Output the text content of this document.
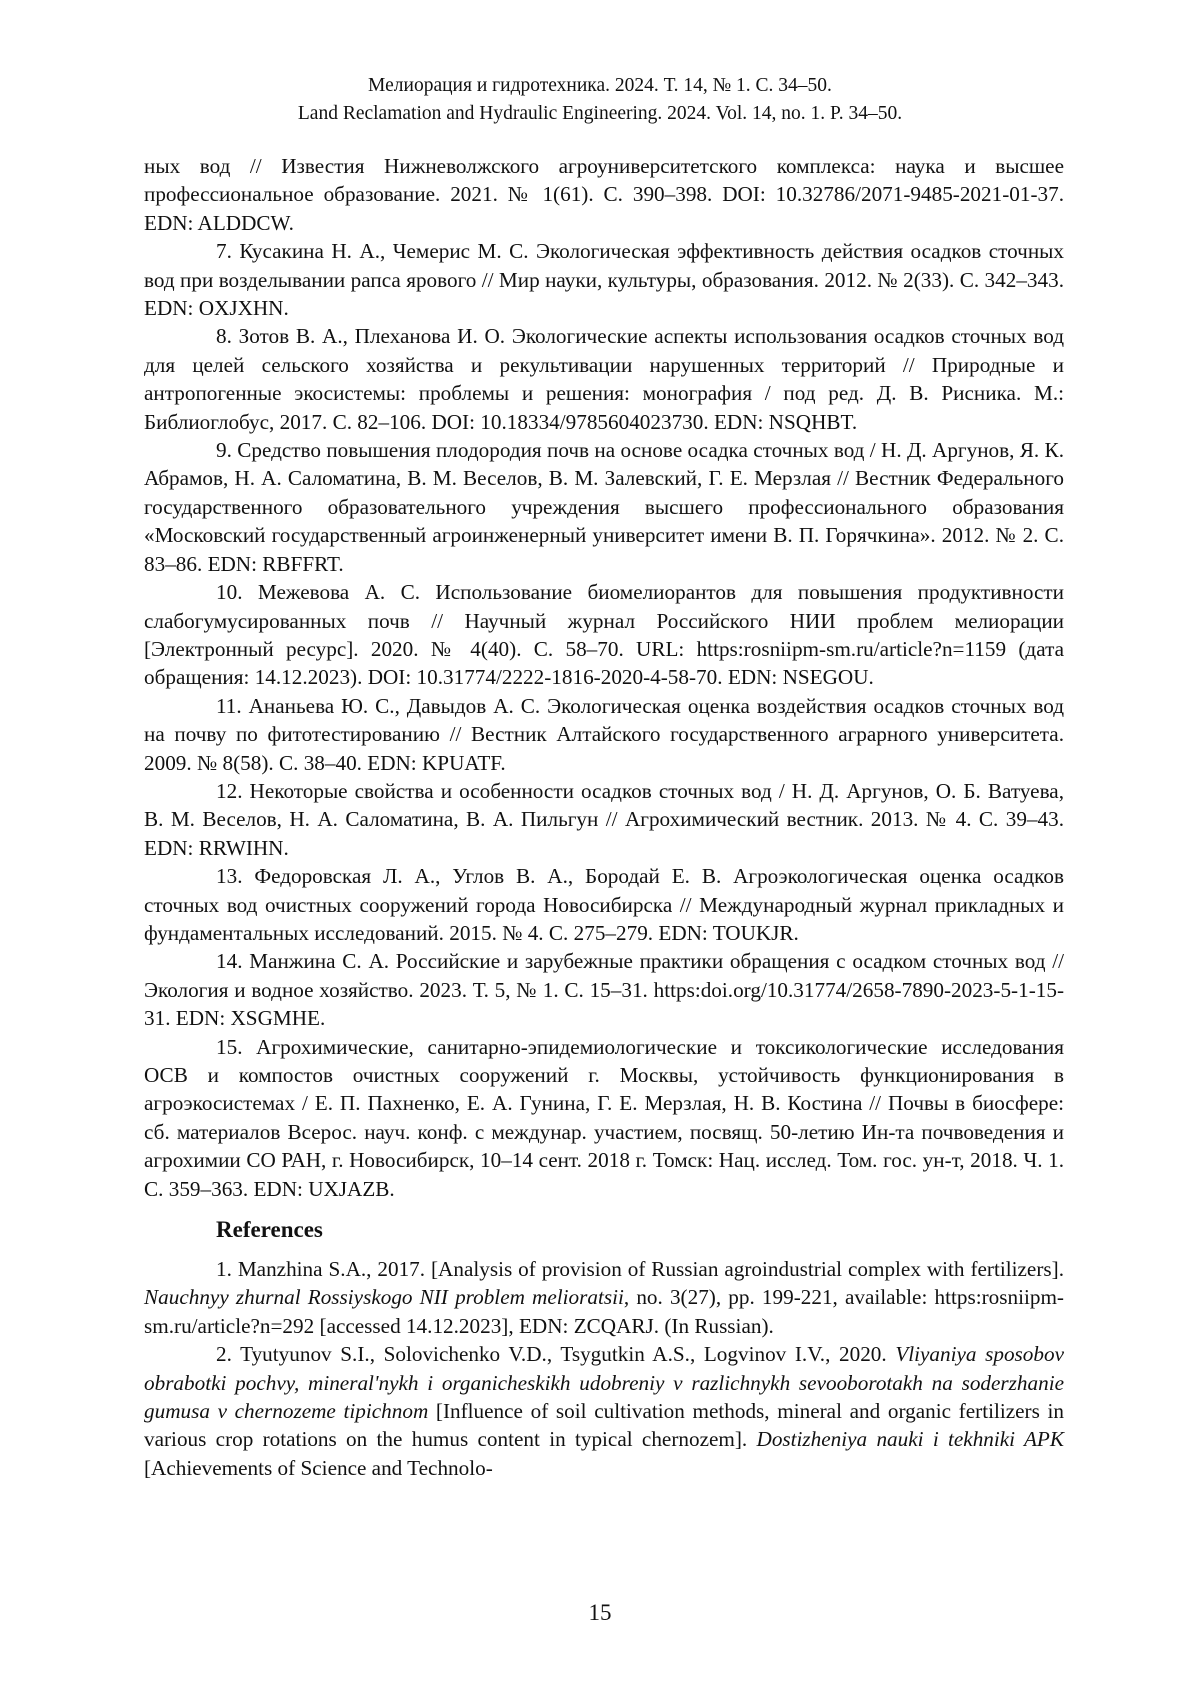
Мелиорация и гидротехника. 2024. Т. 14, № 1. С. 34–50.
Land Reclamation and Hydraulic Engineering. 2024. Vol. 14, no. 1. P. 34–50.

ных вод // Известия Нижневолжского агроуниверситетского комплекса: наука и высшее профессиональное образование. 2021. № 1(61). С. 390–398. DOI: 10.32786/2071-9485-2021-01-37. EDN: ALDDCW.

7. Кусакина Н. А., Чемерис М. С. Экологическая эффективность действия осадков сточных вод при возделывании рапса ярового // Мир науки, культуры, образования. 2012. № 2(33). С. 342–343. EDN: OXJXHN.

8. Зотов В. А., Плеханова И. О. Экологические аспекты использования осадков сточных вод для целей сельского хозяйства и рекультивации нарушенных территорий // Природные и антропогенные экосистемы: проблемы и решения: монография / под ред. Д. В. Рисника. М.: Библиоглобус, 2017. С. 82–106. DOI: 10.18334/9785604023730. EDN: NSQHBT.

9. Средство повышения плодородия почв на основе осадка сточных вод / Н. Д. Аргунов, Я. К. Абрамов, Н. А. Саломатина, В. М. Веселов, В. М. Залевский, Г. Е. Мерзлая // Вестник Федерального государственного образовательного учреждения высшего профессионального образования «Московский государственный агроинженерный университет имени В. П. Горячкина». 2012. № 2. С. 83–86. EDN: RBFFRT.

10. Межевова А. С. Использование биомелиорантов для повышения продуктивности слабогумусированных почв // Научный журнал Российского НИИ проблем мелиорации [Электронный ресурс]. 2020. № 4(40). С. 58–70. URL: https:rosniipm-sm.ru/article?n=1159 (дата обращения: 14.12.2023). DOI: 10.31774/2222-1816-2020-4-58-70. EDN: NSEGOU.

11. Ананьева Ю. С., Давыдов А. С. Экологическая оценка воздействия осадков сточных вод на почву по фитотестированию // Вестник Алтайского государственного аграрного университета. 2009. № 8(58). С. 38–40. EDN: KPUATF.

12. Некоторые свойства и особенности осадков сточных вод / Н. Д. Аргунов, О. Б. Ватуева, В. М. Веселов, Н. А. Саломатина, В. А. Пильгун // Агрохимический вестник. 2013. № 4. С. 39–43. EDN: RRWIHN.

13. Федоровская Л. А., Углов В. А., Бородай Е. В. Агроэкологическая оценка осадков сточных вод очистных сооружений города Новосибирска // Международный журнал прикладных и фундаментальных исследований. 2015. № 4. С. 275–279. EDN: TOUKJR.

14. Манжина С. А. Российские и зарубежные практики обращения с осадком сточных вод // Экология и водное хозяйство. 2023. Т. 5, № 1. С. 15–31. https:doi.org/10.31774/2658-7890-2023-5-1-15-31. EDN: XSGMHE.

15. Агрохимические, санитарно-эпидемиологические и токсикологические исследования ОСВ и компостов очистных сооружений г. Москвы, устойчивость функционирования в агроэкосистемах / Е. П. Пахненко, Е. А. Гунина, Г. Е. Мерзлая, Н. В. Костина // Почвы в биосфере: сб. материалов Всерос. науч. конф. с междунар. участием, посвящ. 50-летию Ин-та почвоведения и агрохимии СО РАН, г. Новосибирск, 10–14 сент. 2018 г. Томск: Нац. исслед. Том. гос. ун-т, 2018. Ч. 1. С. 359–363. EDN: UXJAZB.

References

1. Manzhina S.A., 2017. [Analysis of provision of Russian agroindustrial complex with fertilizers]. Nauchnyy zhurnal Rossiyskogo NII problem melioratsii, no. 3(27), pp. 199-221, available: https:rosniipm-sm.ru/article?n=292 [accessed 14.12.2023], EDN: ZCQARJ. (In Russian).

2. Tyutyunov S.I., Solovichenko V.D., Tsygutkin A.S., Logvinov I.V., 2020. Vliyaniya sposobov obrabotki pochvy, mineral'nykh i organicheskikh udobreniy v razlichnykh sevooborotakh na soderzhanie gumusa v chernozeme tipichnom [Influence of soil cultivation methods, mineral and organic fertilizers in various crop rotations on the humus content in typical chernozem]. Dostizheniya nauki i tekhniki APK [Achievements of Science and Technolo-

15
